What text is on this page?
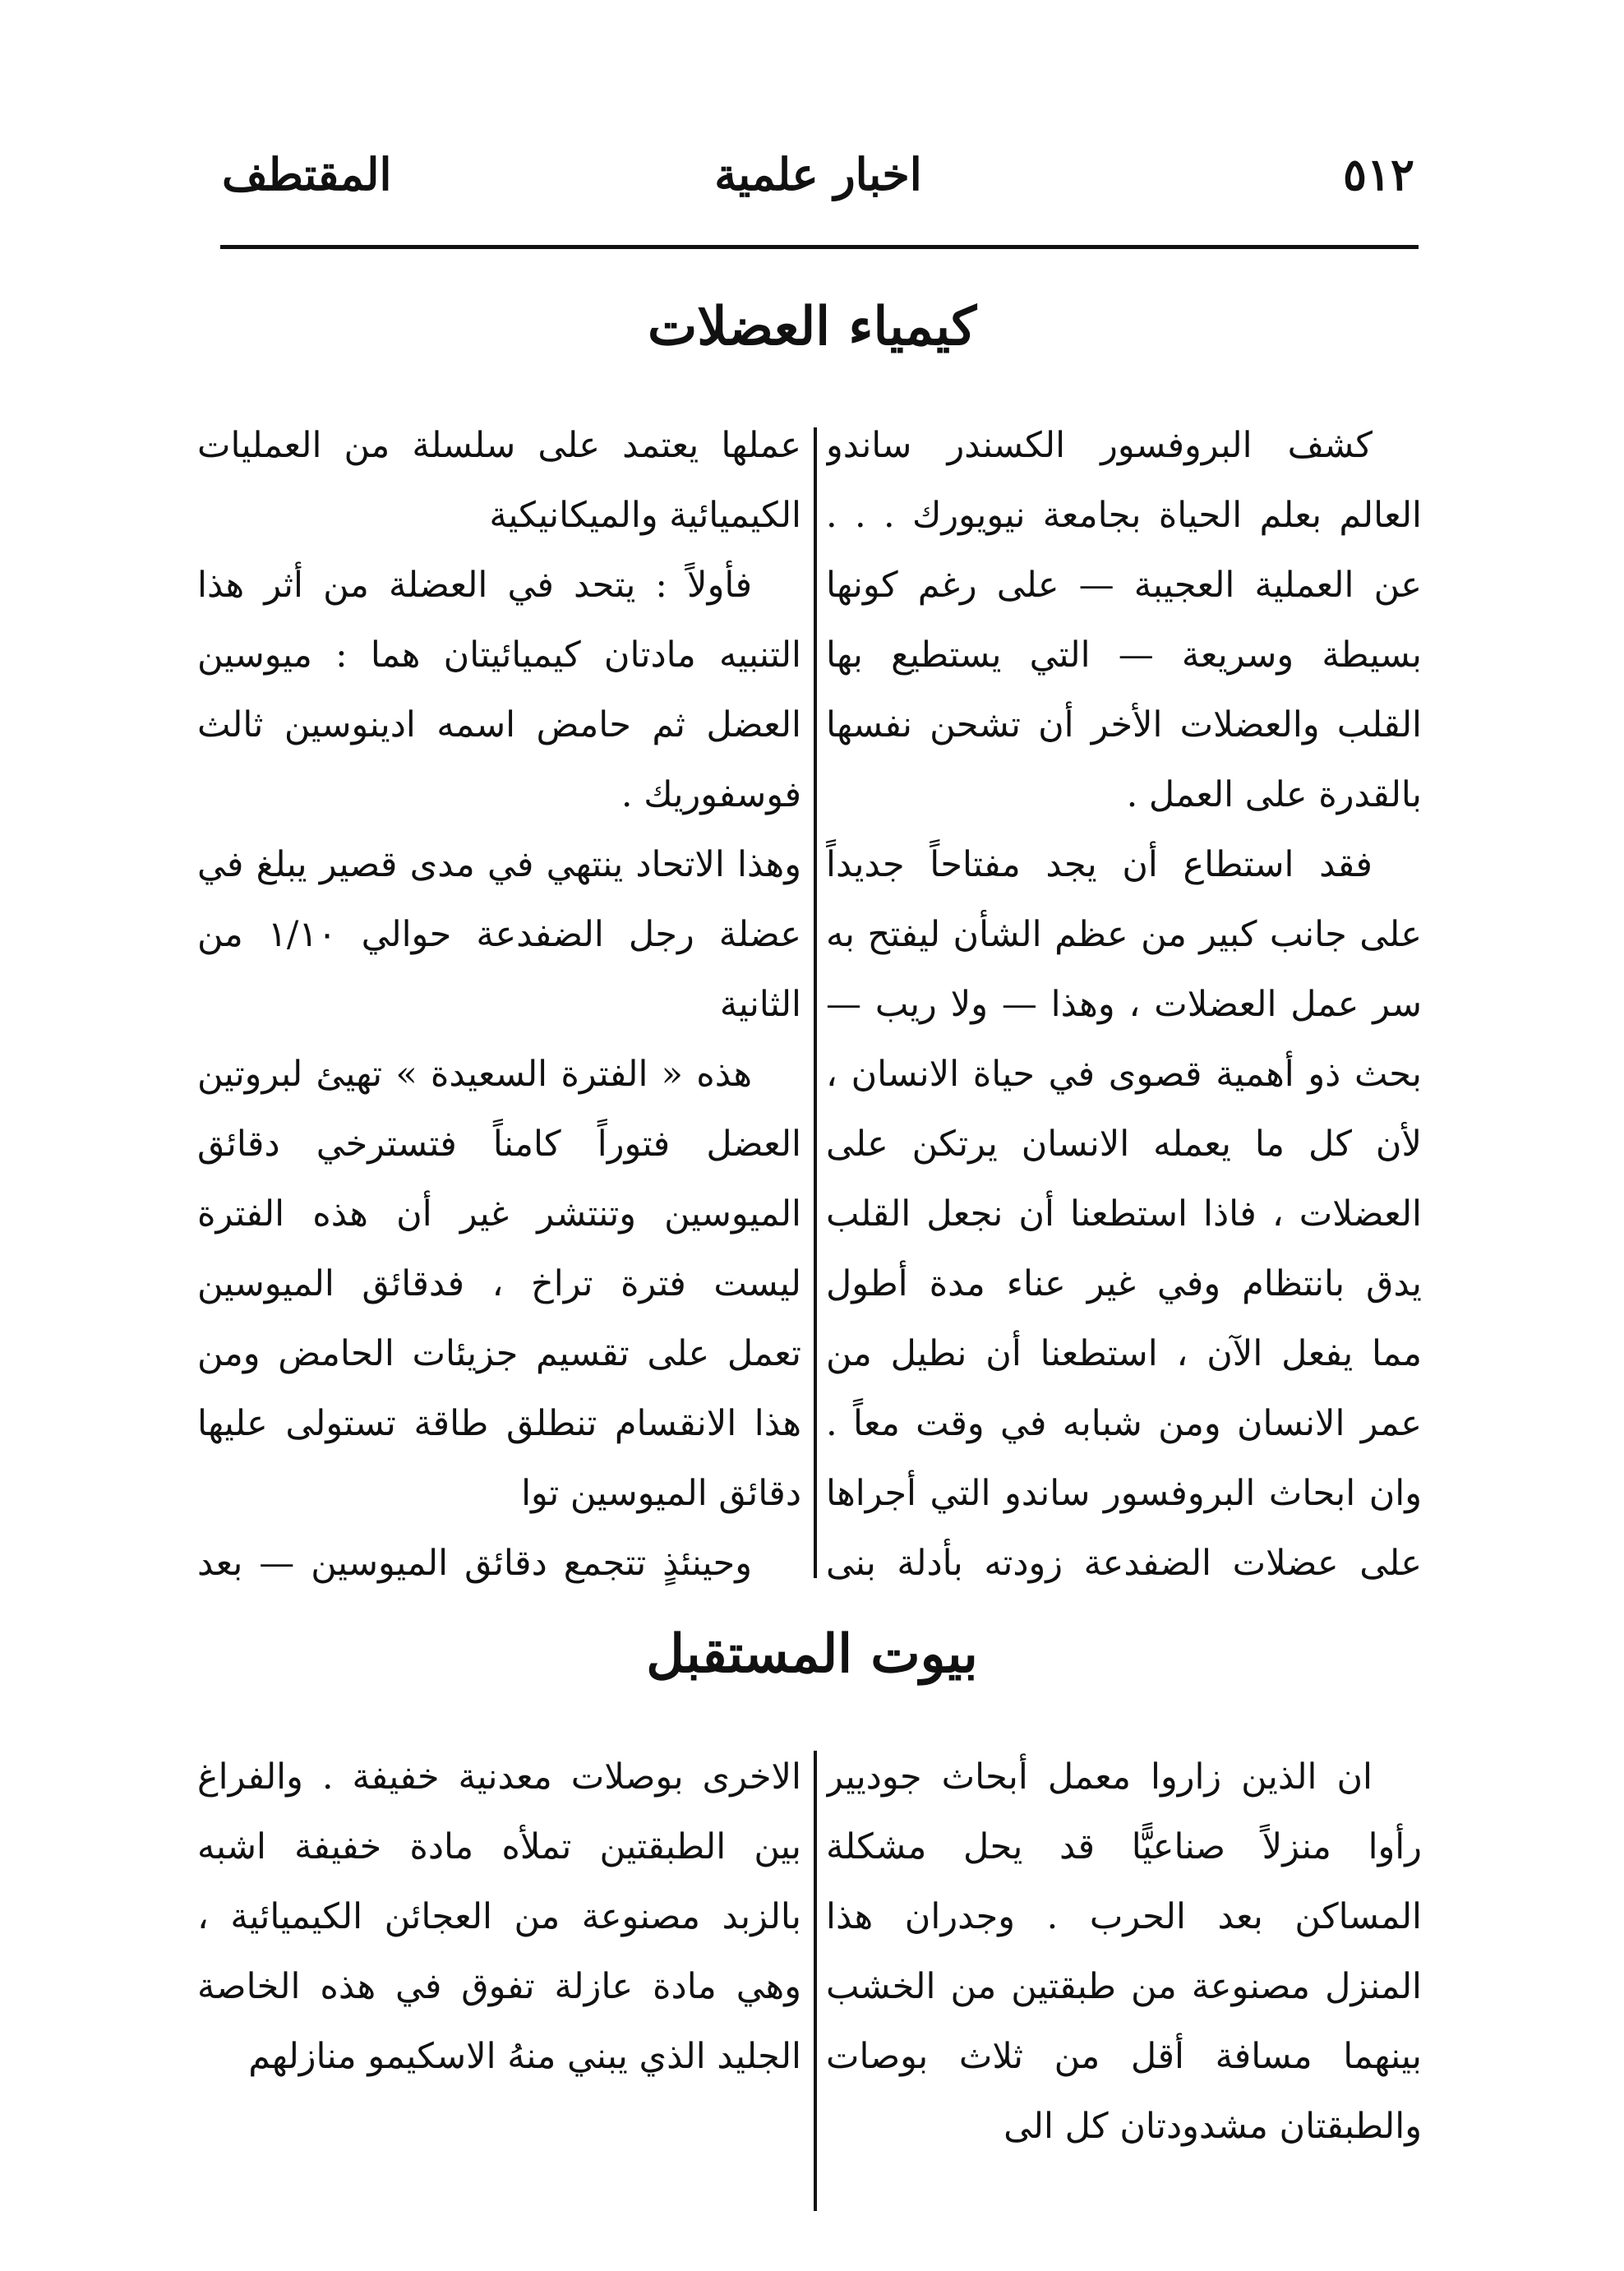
٥١٢
اخبار علمية
المقتطف
كيمياء العضلات

كشف البروفسور الكسندر ساندو العالم بعلم الحياة بجامعة نيويورك . . . عن العملية العجيبة — على رغم كونها بسيطة وسريعة — التي يستطيع بها القلب والعضلات الأخر أن تشحن نفسها بالقدرة على العمل .

فقد استطاع أن يجد مفتاحاً جديداً على جانب كبير من عظم الشأن ليفتح به سر عمل العضلات ، وهذا — ولا ريب — بحث ذو أهمية قصوى في حياة الانسان ، لأن كل ما يعمله الانسان يرتكن على العضلات ، فاذا استطعنا أن نجعل القلب يدق بانتظام وفي غير عناء مدة أطول مما يفعل الآن ، استطعنا أن نطيل من عمر الانسان ومن شبابه في وقت معاً . وان ابحاث البروفسور ساندو التي أجراها على عضلات الضفدعة زودته بأدلة بنى

عملها يعتمد على سلسلة من العمليات الكيميائية والميكانيكية

فأولاً : يتحد في العضلة من أثر هذا التنبيه مادتان كيميائيتان هما : ميوسين العضل ثم حامض اسمه ادينوسين ثالث فوسفوريك .

وهذا الاتحاد ينتهي في مدى قصير يبلغ في عضلة رجل الضفدعة حوالي ١/١٠ من الثانية

هذه « الفترة السعيدة » تهيئ لبروتين العضل فتوراً كامناً فتسترخي دقائق الميوسين وتنتشر غير أن هذه الفترة ليست فترة تراخ ، فدقائق الميوسين تعمل على تقسيم جزيئات الحامض ومن هذا الانقسام تنطلق طاقة تستولى عليها دقائق الميوسين توا

وحينئذٍ تتجمع دقائق الميوسين — بعد

بيوت المستقبل

ان الذين زاروا معمل أبحاث جوديير رأوا منزلاً صناعيًّا قد يحل مشكلة المساكن بعد الحرب . وجدران هذا المنزل مصنوعة من طبقتين من الخشب بينهما مسافة أقل من ثلاث بوصات والطبقتان مشدودتان كل الى

الاخرى بوصلات معدنية خفيفة . والفراغ بين الطبقتين تملأه مادة خفيفة اشبه بالزبد مصنوعة من العجائن الكيميائية ، وهي مادة عازلة تفوق في هذه الخاصة الجليد الذي يبني منهُ الاسكيمو منازلهم
